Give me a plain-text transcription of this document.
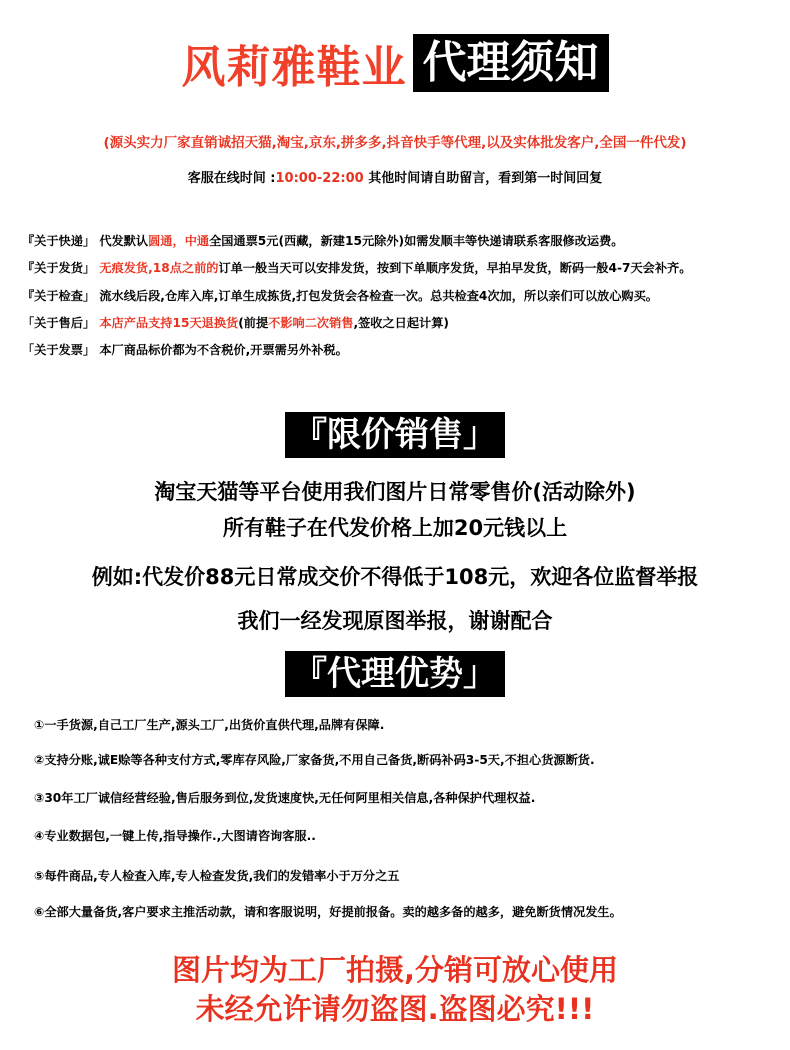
风莉雅鞋业 代理须知
(源头实力厂家直销诚招天猫,淘宝,京东,拼多多,抖音快手等代理,以及实体批发客户,全国一件代发)
客服在线时间 :10:00-22:00 其他时间请自助留言，看到第一时间回复
『关于快递」 代发默认圆通，中通全国通票5元(西藏，新建15元除外)如需发顺丰等快递请联系客服修改运费。
『关于发货」 无痕发货,18点之前的订单一般当天可以安排发货，按到下单顺序发货，早拍早发货，断码一般4-7天会补齐。
『关于检查」 流水线后段,仓库入库,订单生成拣货,打包发货会各检查一次。总共检查4次加，所以亲们可以放心购买。
「关于售后」 本店产品支持15天退换货(前提不影响二次销售,签收之日起计算)
「关于发票」 本厂商品标价都为不含税价,开票需另外补税。
『限价销售」
淘宝天猫等平台使用我们图片日常零售价(活动除外)
所有鞋子在代发价格上加20元钱以上
例如:代发价88元日常成交价不得低于108元，欢迎各位监督举报
我们一经发现原图举报，谢谢配合
『代理优势」
①一手货源,自己工厂生产,源头工厂,出货价直供代理,品牌有保障.
②支持分账,诚E赊等各种支付方式,零库存风险,厂家备货,不用自己备货,断码补码3-5天,不担心货源断货.
③30年工厂诚信经营经验,售后服务到位,发货速度快,无任何阿里相关信息,各种保护代理权益.
④专业数据包,一键上传,指导操作.,大图请咨询客服..
⑤每件商品,专人检查入库,专人检查发货,我们的发错率小于万分之五
⑥全部大量备货,客户要求主推活动款，请和客服说明，好提前报备。卖的越多备的越多，避免断货情况发生。
图片均为工厂拍摄,分销可放心使用
未经允许请勿盗图.盗图必究!!!
